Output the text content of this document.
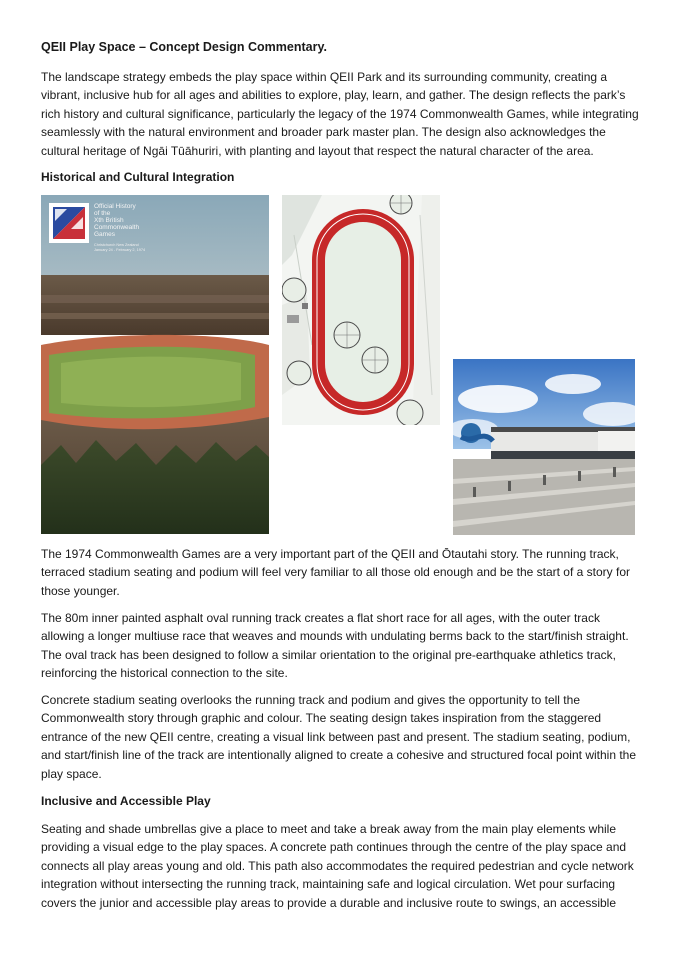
QEII Play Space – Concept Design Commentary.

The landscape strategy embeds the play space within QEII Park and its surrounding community, creating a vibrant, inclusive hub for all ages and abilities to explore, play, learn, and gather. The design reflects the park’s rich history and cultural significance, particularly the legacy of the 1974 Commonwealth Games, while integrating seamlessly with the natural environment and broader park master plan. The design also acknowledges the cultural heritage of Ngāi Tūāhuriri, with planting and layout that respect the natural character of the area.

Historical and Cultural Integration
Official History
of the
Xth British
Commonwealth
Games
Christchurch New Zealand
January 24 - February 2, 1974

The 1974 Commonwealth Games are a very important part of the QEII and Ōtautahi story. The running track, terraced stadium seating and podium will feel very familiar to all those old enough and be the start of a story for those younger.

The 80m inner painted asphalt oval running track creates a flat short race for all ages, with the outer track allowing a longer multiuse race that weaves and mounds with undulating berms back to the start/finish straight. The oval track has been designed to follow a similar orientation to the original pre-earthquake athletics track, reinforcing the historical connection to the site.

Concrete stadium seating overlooks the running track and podium and gives the opportunity to tell the Commonwealth story through graphic and colour. The seating design takes inspiration from the staggered entrance of the new QEII centre, creating a visual link between past and present. The stadium seating, podium, and start/finish line of the track are intentionally aligned to create a cohesive and structured focal point within the play space.

Inclusive and Accessible Play

Seating and shade umbrellas give a place to meet and take a break away from the main play elements while providing a visual edge to the play spaces. A concrete path continues through the centre of the play space and connects all play areas young and old. This path also accommodates the required pedestrian and cycle network integration without intersecting the running track, maintaining safe and logical circulation. Wet pour surfacing covers the junior and accessible play areas to provide a durable and inclusive route to swings, an accessible
